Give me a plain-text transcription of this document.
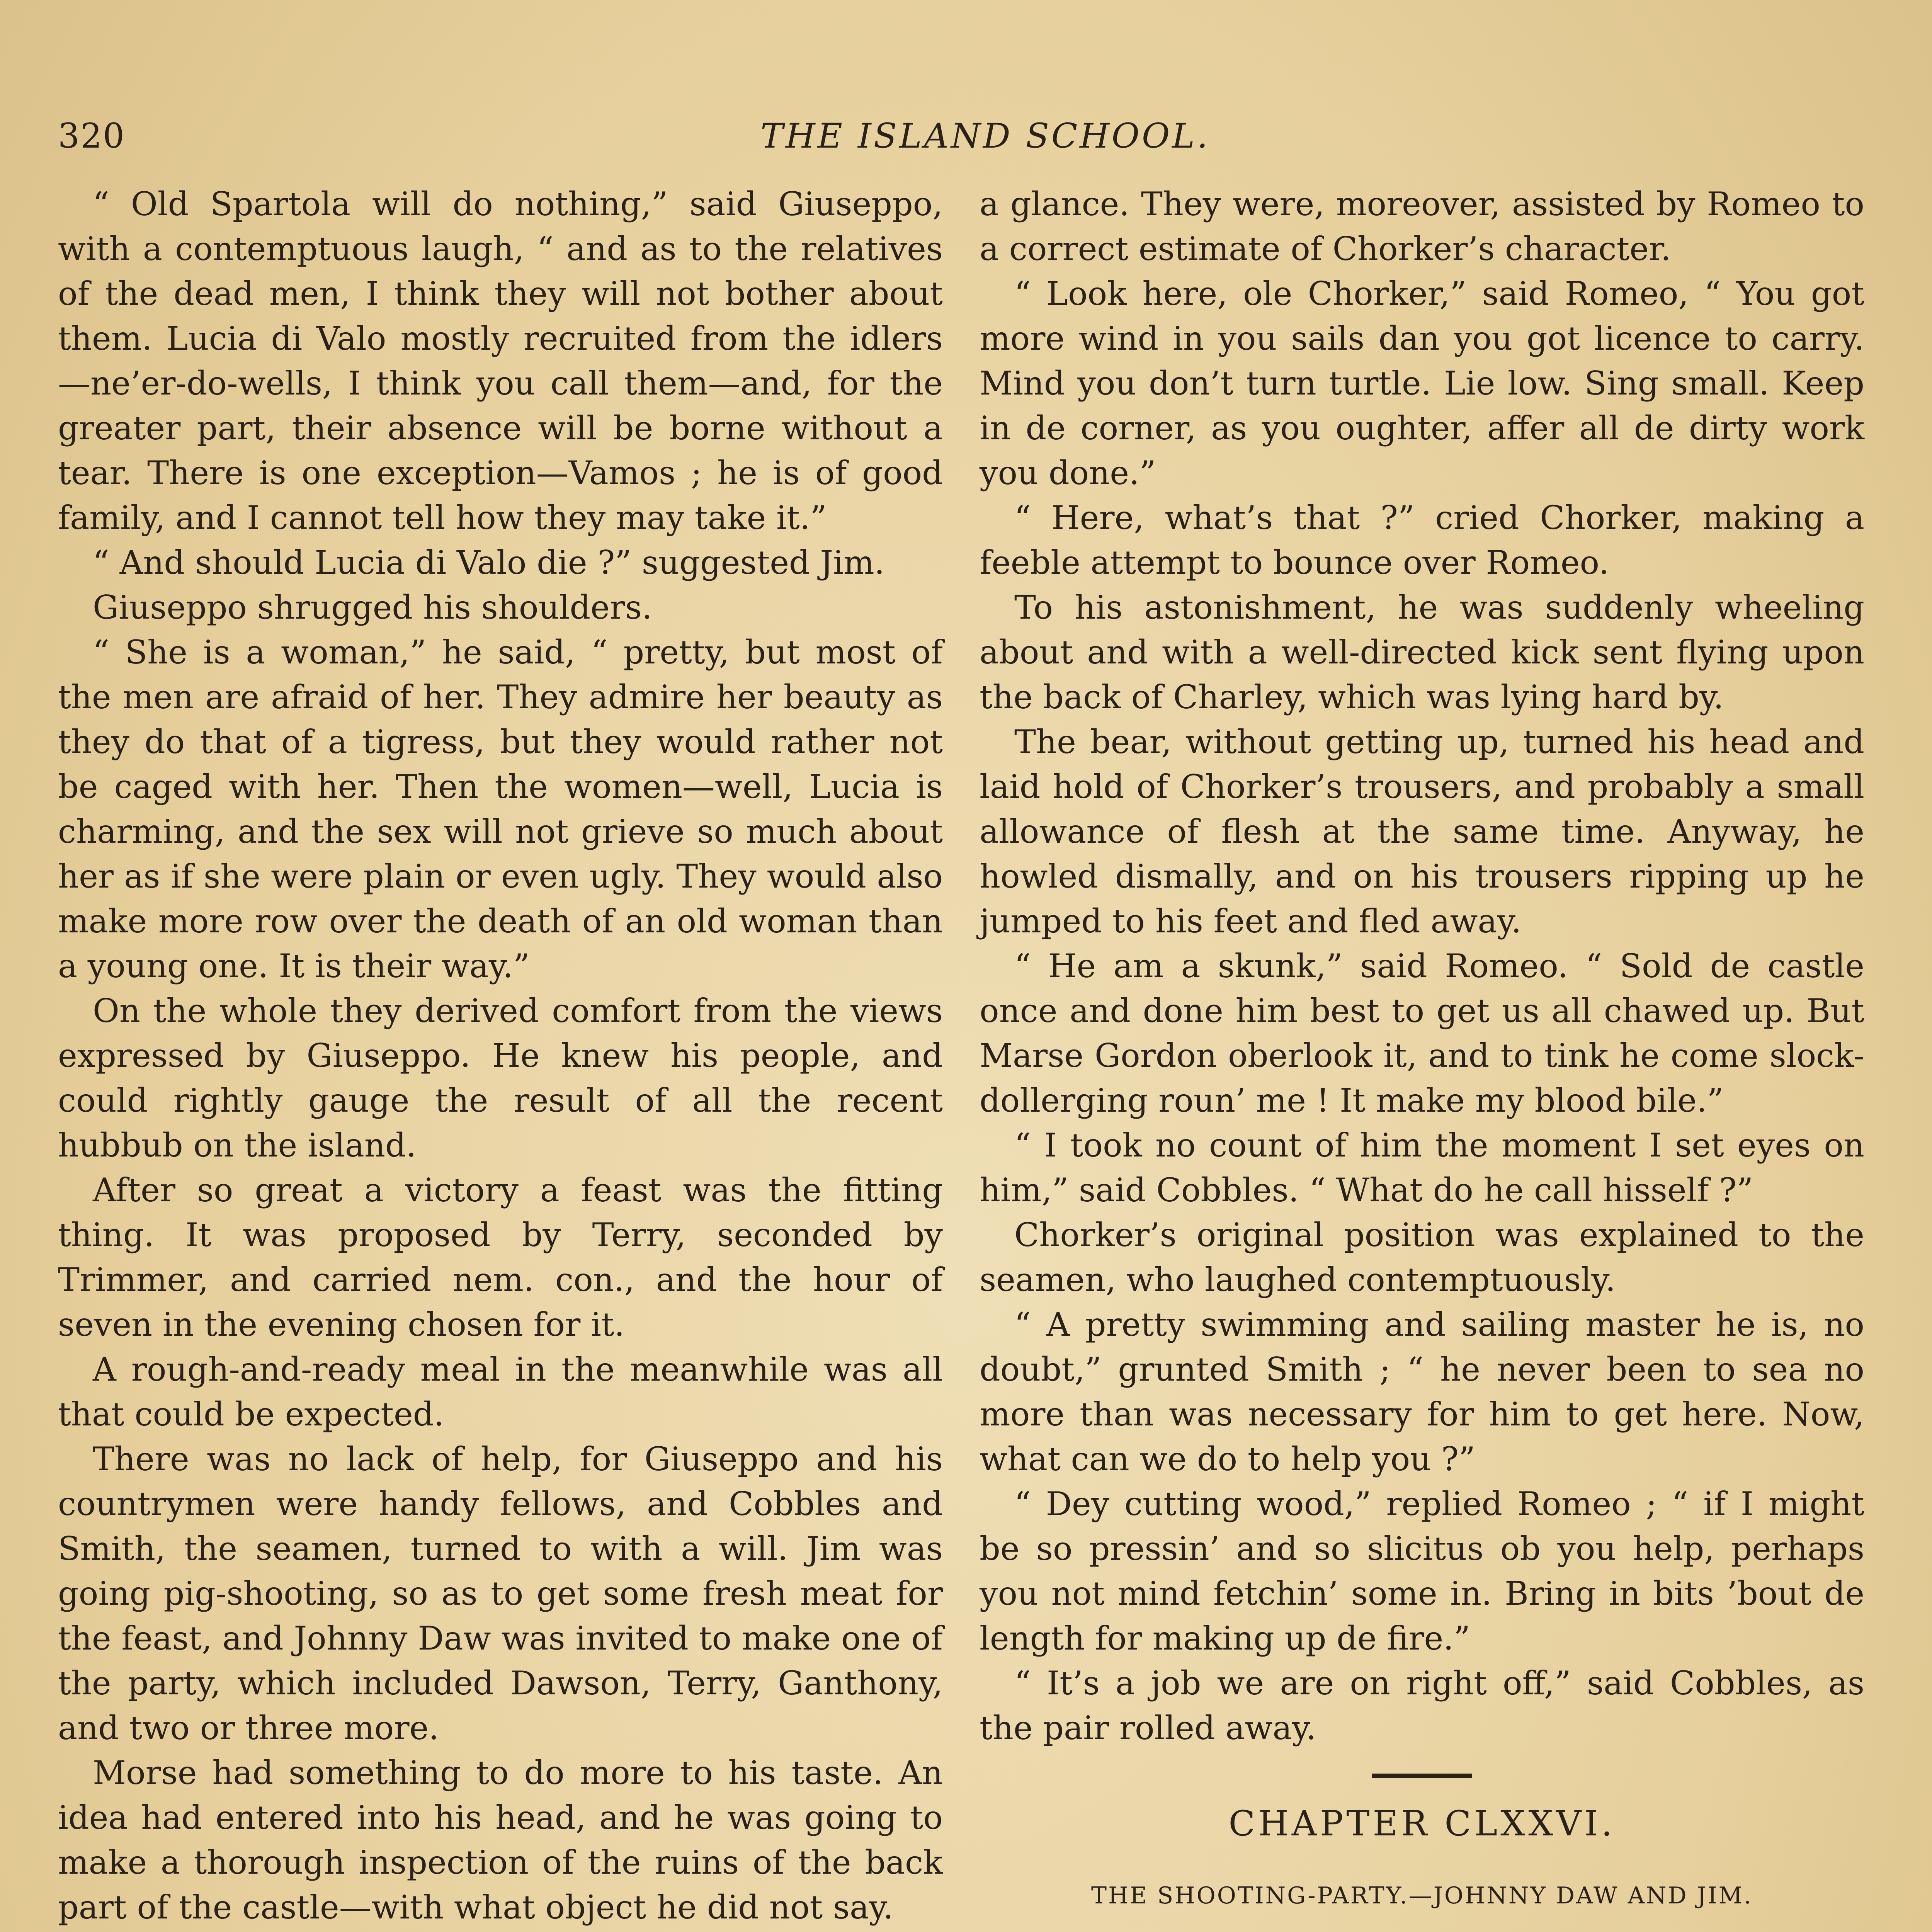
320	THE ISLAND SCHOOL.

“ Old Spartola will do nothing,” said Giuseppo, with a contemptuous laugh, “ and as to the relatives of the dead men, I think they will not bother about them. Lucia di Valo mostly recruited from the idlers—ne’er-do-wells, I think you call them—and, for the greater part, their absence will be borne without a tear. There is one exception—Vamos ; he is of good family, and I cannot tell how they may take it.”

“ And should Lucia di Valo die ?” suggested Jim.

Giuseppo shrugged his shoulders.

“ She is a woman,” he said, “ pretty, but most of the men are afraid of her. They admire her beauty as they do that of a tigress, but they would rather not be caged with her. Then the women—well, Lucia is charming, and the sex will not grieve so much about her as if she were plain or even ugly. They would also make more row over the death of an old woman than a young one. It is their way.”

On the whole they derived comfort from the views expressed by Giuseppo. He knew his people, and could rightly gauge the result of all the recent hubbub on the island.

After so great a victory a feast was the fitting thing. It was proposed by Terry, seconded by Trimmer, and carried nem. con., and the hour of seven in the evening chosen for it.

A rough-and-ready meal in the meanwhile was all that could be expected.

There was no lack of help, for Giuseppo and his countrymen were handy fellows, and Cobbles and Smith, the seamen, turned to with a will. Jim was going pig-shooting, so as to get some fresh meat for the feast, and Johnny Daw was invited to make one of the party, which included Dawson, Terry, Ganthony, and two or three more.

Morse had something to do more to his taste. An idea had entered into his head, and he was going to make a thorough inspection of the ruins of the back part of the castle—with what object he did not say.

a glance. They were, moreover, assisted by Romeo to a correct estimate of Chorker’s character.

“ Look here, ole Chorker,” said Romeo, “ You got more wind in you sails dan you got licence to carry. Mind you don’t turn turtle. Lie low. Sing small. Keep in de corner, as you oughter, affer all de dirty work you done.”

“ Here, what’s that ?” cried Chorker, making a feeble attempt to bounce over Romeo.

To his astonishment, he was suddenly wheeling about and with a well-directed kick sent flying upon the back of Charley, which was lying hard by.

The bear, without getting up, turned his head and laid hold of Chorker’s trousers, and probably a small allowance of flesh at the same time. Anyway, he howled dismally, and on his trousers ripping up he jumped to his feet and fled away.

“ He am a skunk,” said Romeo. “ Sold de castle once and done him best to get us all chawed up. But Marse Gordon oberlook it, and to tink he come slock-dollerging roun’ me ! It make my blood bile.”

“ I took no count of him the moment I set eyes on him,” said Cobbles. “ What do he call hisself ?”

Chorker’s original position was explained to the seamen, who laughed contemptuously.

“ A pretty swimming and sailing master he is, no doubt,” grunted Smith ; “ he never been to sea no more than was necessary for him to get here. Now, what can we do to help you ?”

“ Dey cutting wood,” replied Romeo ; “ if I might be so pressin’ and so slicitus ob you help, perhaps you not mind fetchin’ some in. Bring in bits ’bout de length for making up de fire.”

“ It’s a job we are on right off,” said Cobbles, as the pair rolled away.

CHAPTER CLXXVI.
THE SHOOTING-PARTY.—JOHNNY DAW AND JIM.
